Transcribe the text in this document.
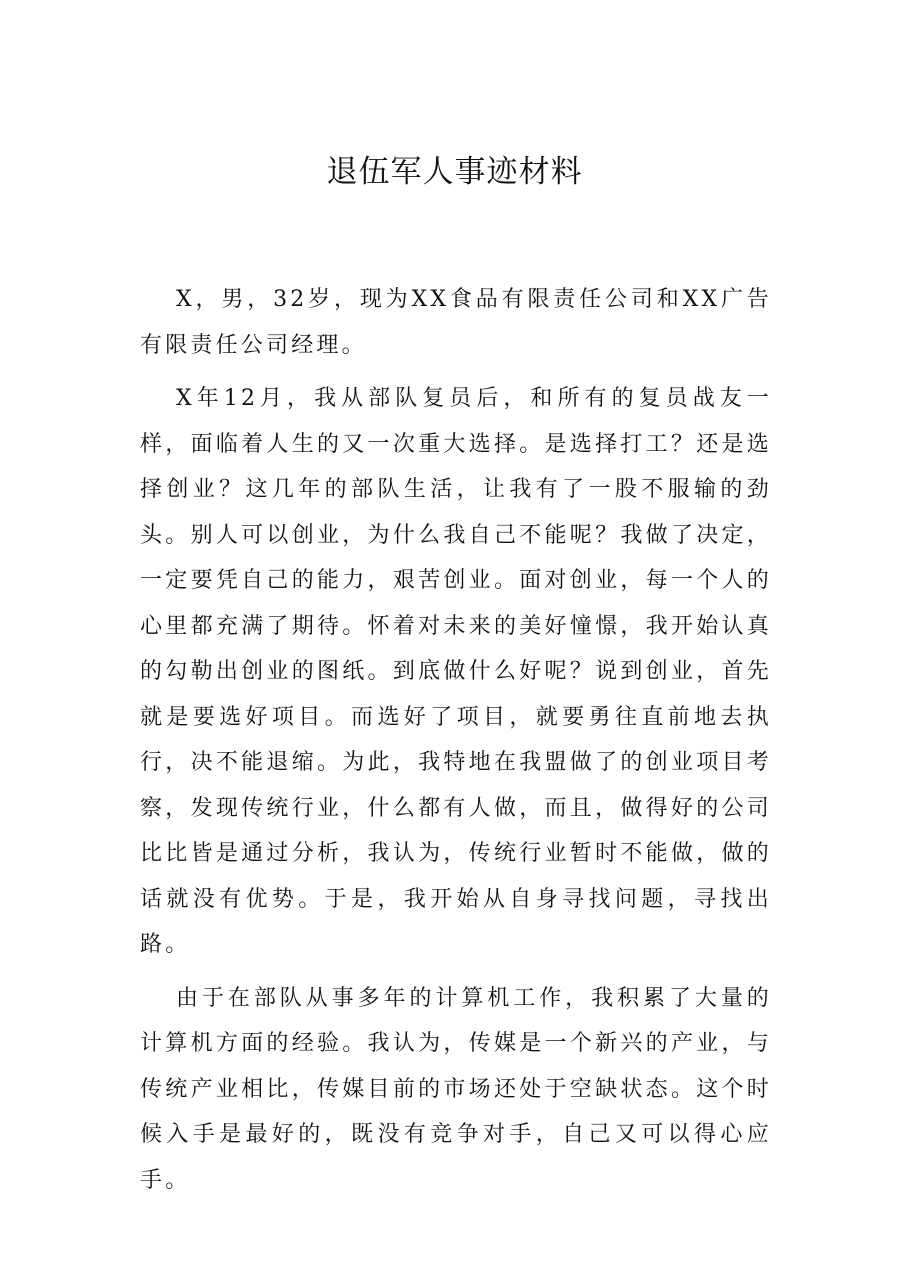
退伍军人事迹材料

X，男，32岁，现为XX食品有限责任公司和XX广告有限责任公司经理。

X年12月，我从部队复员后，和所有的复员战友一样，面临着人生的又一次重大选择。是选择打工？还是选择创业？这几年的部队生活，让我有了一股不服输的劲头。别人可以创业，为什么我自己不能呢？我做了决定，一定要凭自己的能力，艰苦创业。面对创业，每一个人的心里都充满了期待。怀着对未来的美好憧憬，我开始认真的勾勒出创业的图纸。到底做什么好呢？说到创业，首先就是要选好项目。而选好了项目，就要勇往直前地去执行，决不能退缩。为此，我特地在我盟做了的创业项目考察，发现传统行业，什么都有人做，而且，做得好的公司比比皆是通过分析，我认为，传统行业暂时不能做，做的话就没有优势。于是，我开始从自身寻找问题，寻找出路。

由于在部队从事多年的计算机工作，我积累了大量的计算机方面的经验。我认为，传媒是一个新兴的产业，与传统产业相比，传媒目前的市场还处于空缺状态。这个时候入手是最好的，既没有竞争对手，自己又可以得心应手。
